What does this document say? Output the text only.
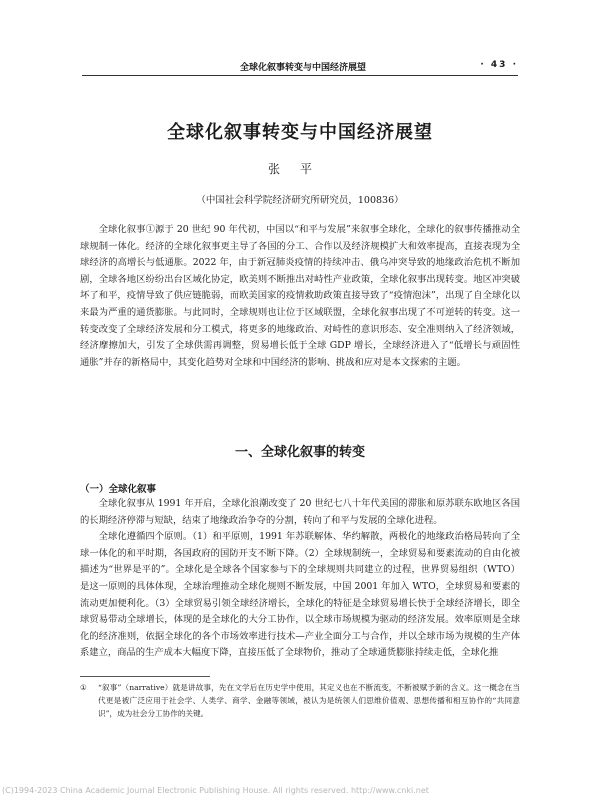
全球化叙事转变与中国经济展望	· 43 ·
全球化叙事转变与中国经济展望
张平
（中国社会科学院经济研究所研究员，100836）

全球化叙事①源于 20 世纪 90 年代初，中国以“和平与发展”来叙事全球化，全球化的叙事传播推动全球规制一体化。经济的全球化叙事更主导了各国的分工、合作以及经济规模扩大和效率提高，直接表现为全球经济的高增长与低通胀。2022 年，由于新冠肺炎疫情的持续冲击、俄乌冲突导致的地缘政治危机不断加剧，全球各地区纷纷出台区域化协定，欧美则不断推出对峙性产业政策，全球化叙事出现转变。地区冲突破坏了和平，疫情导致了供应链脆弱，而欧美国家的疫情救助政策直接导致了“疫情泡沫”，出现了自全球化以来最为严重的通货膨胀。与此同时，全球规则也让位于区域联盟，全球化叙事出现了不可逆转的转变。这一转变改变了全球经济发展和分工模式，将更多的地缘政治、对峙性的意识形态、安全准则纳入了经济领域，经济摩擦加大，引发了全球供需再调整，贸易增长低于全球 GDP 增长，全球经济进入了“低增长与顽固性通胀”并存的新格局中，其变化趋势对全球和中国经济的影响、挑战和应对是本文探索的主题。

一、全球化叙事的转变
（一）全球化叙事

全球化叙事从 1991 年开启，全球化浪潮改变了 20 世纪七八十年代美国的滞胀和原苏联东欧地区各国的长期经济停滞与短缺，结束了地缘政治争夺的分割，转向了和平与发展的全球化进程。

全球化遵循四个原则。（1）和平原则，1991 年苏联解体、华约解散，两极化的地缘政治格局转向了全球一体化的和平时期，各国政府的国防开支不断下降。（2）全球规制统一，全球贸易和要素流动的自由化被描述为“世界是平的”。全球化是全球各个国家参与下的全球规则共同建立的过程，世界贸易组织（WTO）是这一原则的具体体现，全球治理推动全球化规则不断发展，中国 2001 年加入 WTO，全球贸易和要素的流动更加便利化。（3）全球贸易引领全球经济增长，全球化的特征是全球贸易增长快于全球经济增长，即全球贸易带动全球增长，体现的是全球化的大分工协作，以全球市场规模为驱动的经济发展。效率原则是全球化的经济准则，依据全球化的各个市场效率进行技术—产业全面分工与合作，并以全球市场为规模的生产体系建立，商品的生产成本大幅度下降，直接压低了全球物价，推动了全球通货膨胀持续走低，全球化推

①	“叙事”（narrative）就是讲故事，先在文学后在历史学中使用，其定义也在不断流变，不断被赋予新的含义。这一概念在当代更是被广泛应用于社会学、人类学、商学、金融等领域，被认为是统领人们思维价值观、思想传播和相互协作的“共同意识”，成为社会分工协作的关键。
(C)1994-2023 China Academic Journal Electronic Publishing House. All rights reserved. http://www.cnki.net
